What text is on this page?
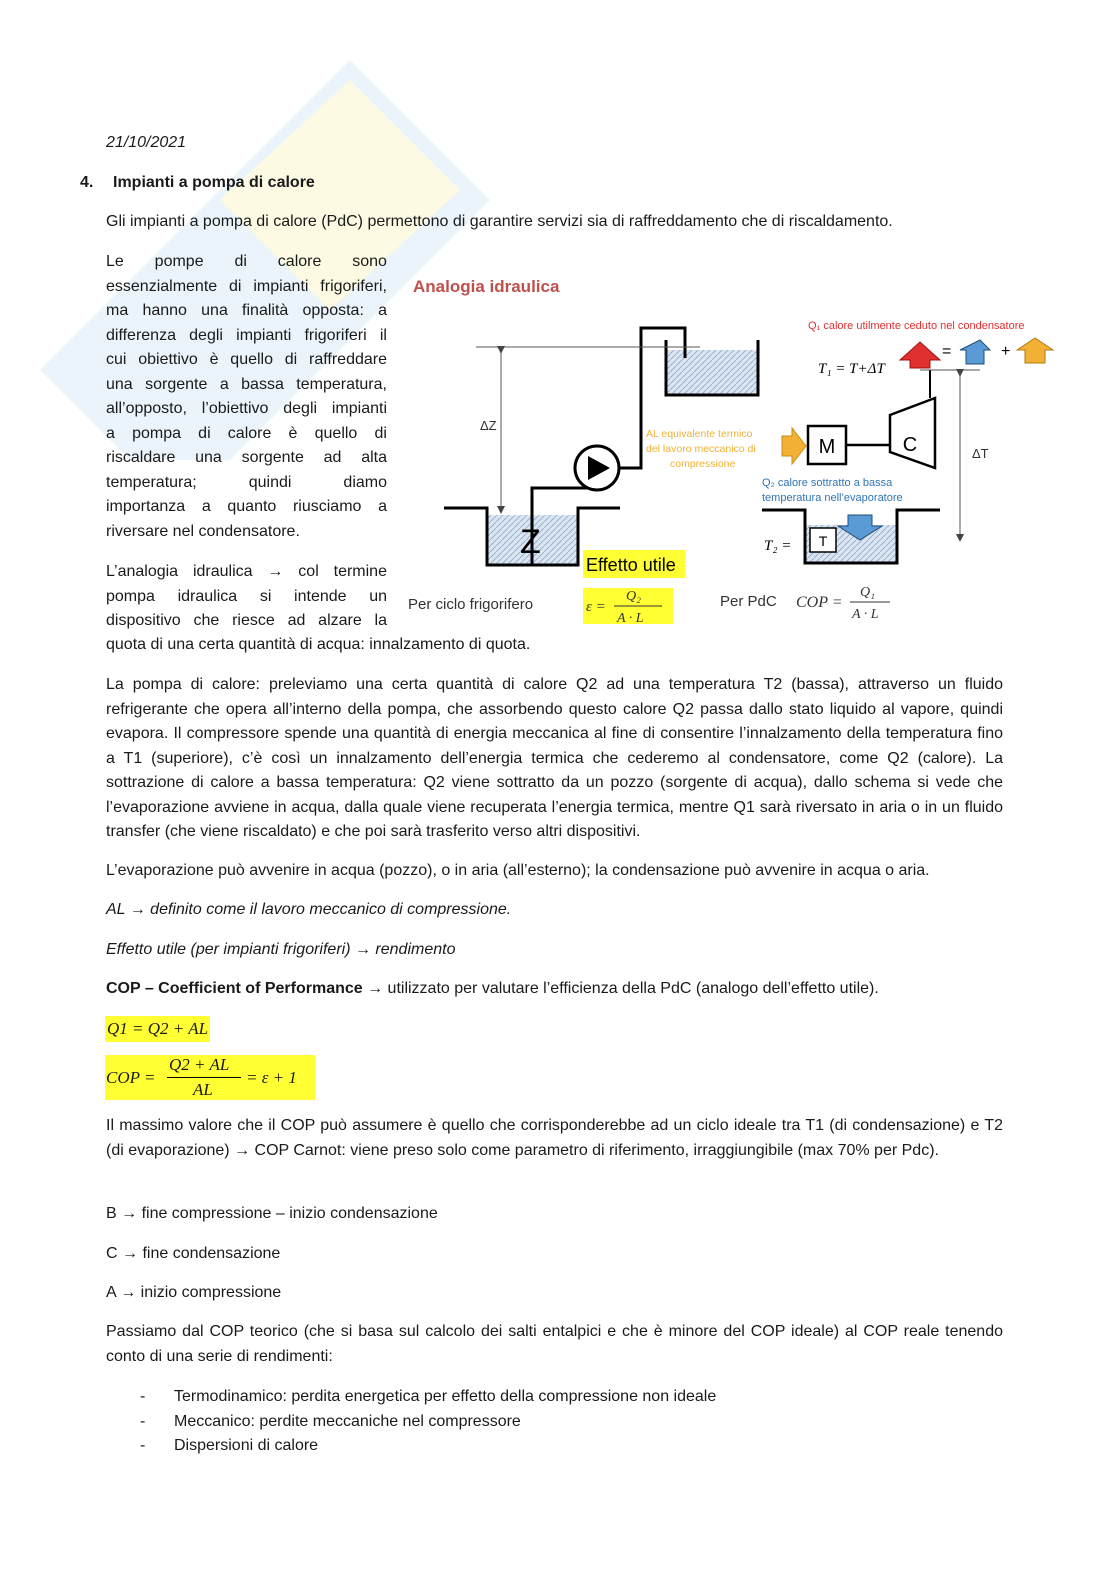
21/10/2021
4. Impianti a pompa di calore
Gli impianti a pompa di calore (PdC) permettono di garantire servizi sia di raffreddamento che di riscaldamento.
Le pompe di calore sono
essenzialmente di impianti frigoriferi,
ma hanno una finalità opposta: a
differenza degli impianti frigoriferi il
cui obiettivo è quello di raffreddare
una sorgente a bassa temperatura,
all’opposto, l’obiettivo degli impianti
a pompa di calore è quello di
riscaldare una sorgente ad alta
temperatura;	quindi	diamo
importanza a quanto riusciamo a
riversare nel condensatore.
L’analogia idraulica → col termine
pompa idraulica si intende un
dispositivo che riesce ad alzare la
quota di una certa quantità di acqua: innalzamento di quota.
Analogia idraulica
Z
ΔZ
AL equivalente termico del lavoro meccanico di compressione
M	C
Q₁ calore utilmente ceduto nel condensatore
=	+
T₁ = T+ΔT
ΔT
Q₂ calore sottratto a bassa temperatura nell’evaporatore
T
T₂ =
Effetto utile
Per ciclo frigorifero	ε =
Q₂
A · L
Per PdC COP =
Q₁
A · L
La pompa di calore: preleviamo una certa quantità di calore Q2 ad una temperatura T2 (bassa), attraverso un fluido refrigerante che opera all’interno della pompa, che assorbendo questo calore Q2 passa dallo stato liquido al vapore, quindi evapora. Il compressore spende una quantità di energia meccanica al fine di consentire l’innalzamento della temperatura fino a T1 (superiore), c’è così un innalzamento dell’energia termica che cederemo al condensatore, come Q2 (calore). La sottrazione di calore a bassa temperatura: Q2 viene sottratto da un pozzo (sorgente di acqua), dallo schema si vede che l’evaporazione avviene in acqua, dalla quale viene recuperata l’energia termica, mentre Q1 sarà riversato in aria o in un fluido transfer (che viene riscaldato) e che poi sarà trasferito verso altri dispositivi.
L’evaporazione può avvenire in acqua (pozzo), o in aria (all’esterno); la condensazione può avvenire in acqua o aria.
AL → definito come il lavoro meccanico di compressione.
Effetto utile (per impianti frigoriferi) → rendimento
COP – Coefficient of Performance → utilizzato per valutare l’efficienza della PdC (analogo dell’effetto utile).
Q1 = Q2 + AL
COP =
Q2 + AL
AL
= ε + 1
Il massimo valore che il COP può assumere è quello che corrisponderebbe ad un ciclo ideale tra T1 (di condensazione) e T2 (di evaporazione) → COP Carnot: viene preso solo come parametro di riferimento, irraggiungibile (max 70% per Pdc).
B → fine compressione – inizio condensazione
C → fine condensazione
A → inizio compressione
Passiamo dal COP teorico (che si basa sul calcolo dei salti entalpici e che è minore del COP ideale) al COP reale tenendo conto di una serie di rendimenti:
- Termodinamico: perdita energetica per effetto della compressione non ideale
- Meccanico: perdite meccaniche nel compressore
- Dispersioni di calore
